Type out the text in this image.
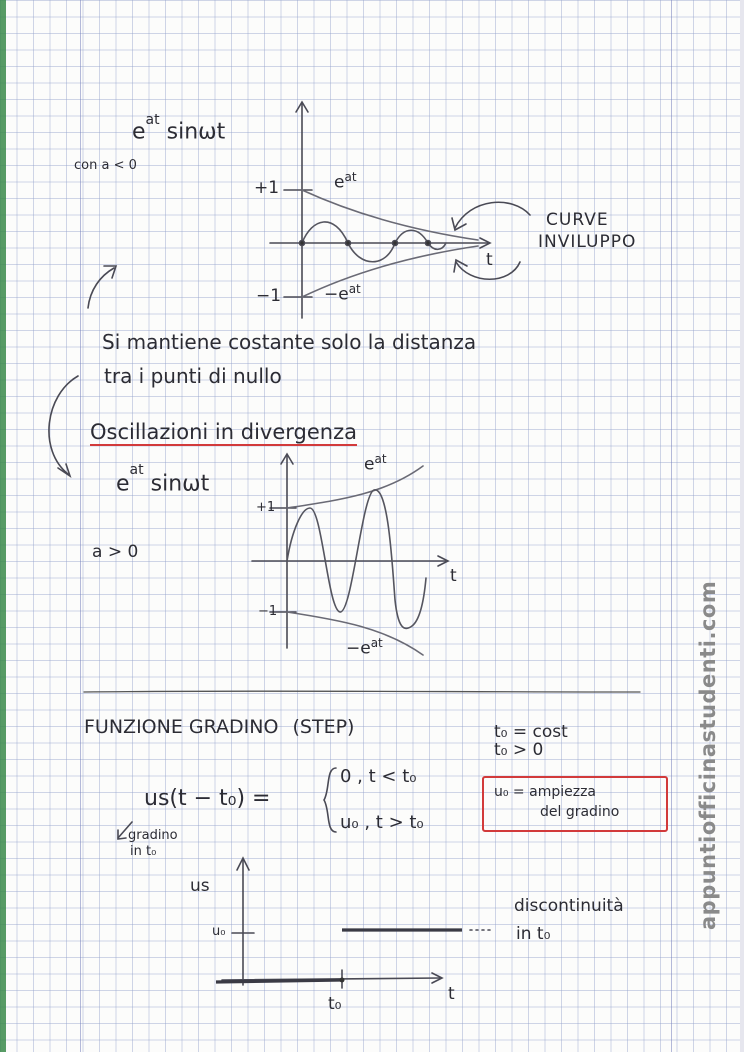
$e^{at}$ sinωt
con a < 0
+1
−1
$e^{at}$
$-e^{at}$
t
CURVE
INVILUPPO
Si mantiene costante solo la distanza
tra i punti di nullo
Oscillazioni in divergenza
$e^{at}$ sinωt
a > 0
+1
−1
$e^{at}$
$-e^{at}$
t
FUNZIONE GRADINO (STEP)	t₀ = cost
t₀ > 0
us(t − t₀) =
0 , t < t₀
u₀ , t > t₀
gradino
in t₀
u₀ = ampiezza
del gradino
us
u₀
t₀	t
discontinuità
in t₀
appuntiofficinastudenti.com
